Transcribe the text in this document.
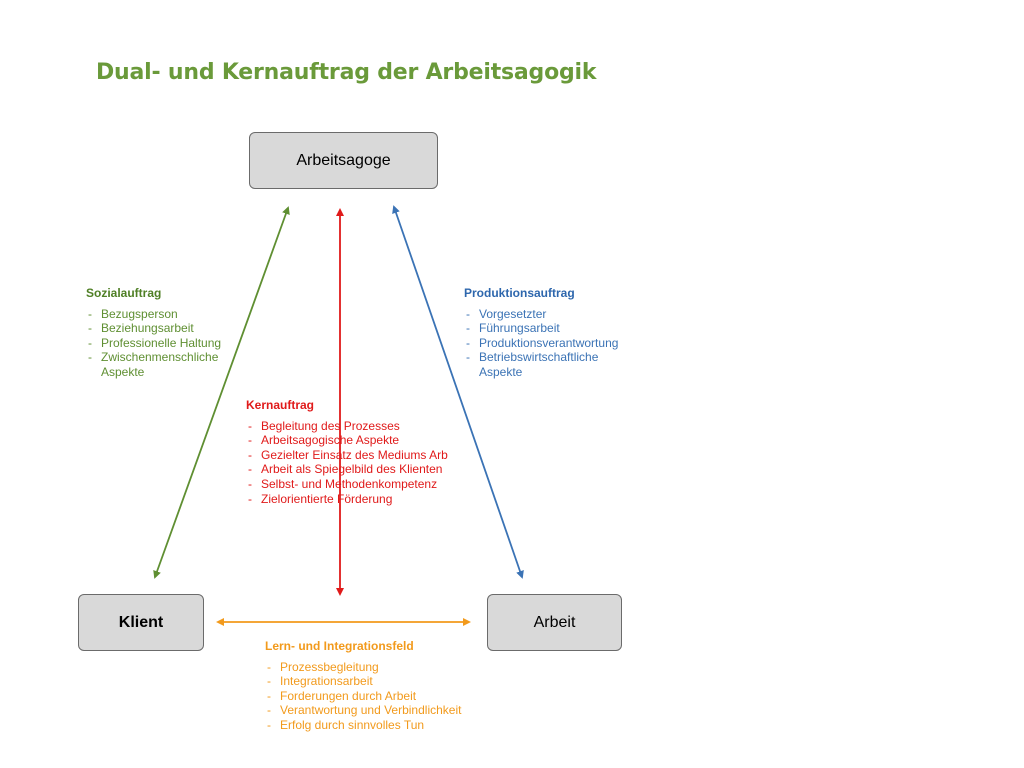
Dual- und Kernauftrag der Arbeitsagogik
Arbeitsagoge
Klient	Arbeit
Sozialauftrag
- Bezugsperson
- Beziehungsarbeit
- Professionelle Haltung
- Zwischenmenschliche Aspekte
Produktionsauftrag
- Vorgesetzter
- Führungsarbeit
- Produktionsverantwortung
- Betriebswirtschaftliche Aspekte
Kernauftrag
- Begleitung des Prozesses
- Arbeitsagogische Aspekte
- Gezielter Einsatz des Mediums Arb
- Arbeit als Spiegelbild des Klienten
- Selbst- und Methodenkompetenz
- Zielorientierte Förderung
Lern- und Integrationsfeld
- Prozessbegleitung
- Integrationsarbeit
- Forderungen durch Arbeit
- Verantwortung und Verbindlichkeit
- Erfolg durch sinnvolles Tun
